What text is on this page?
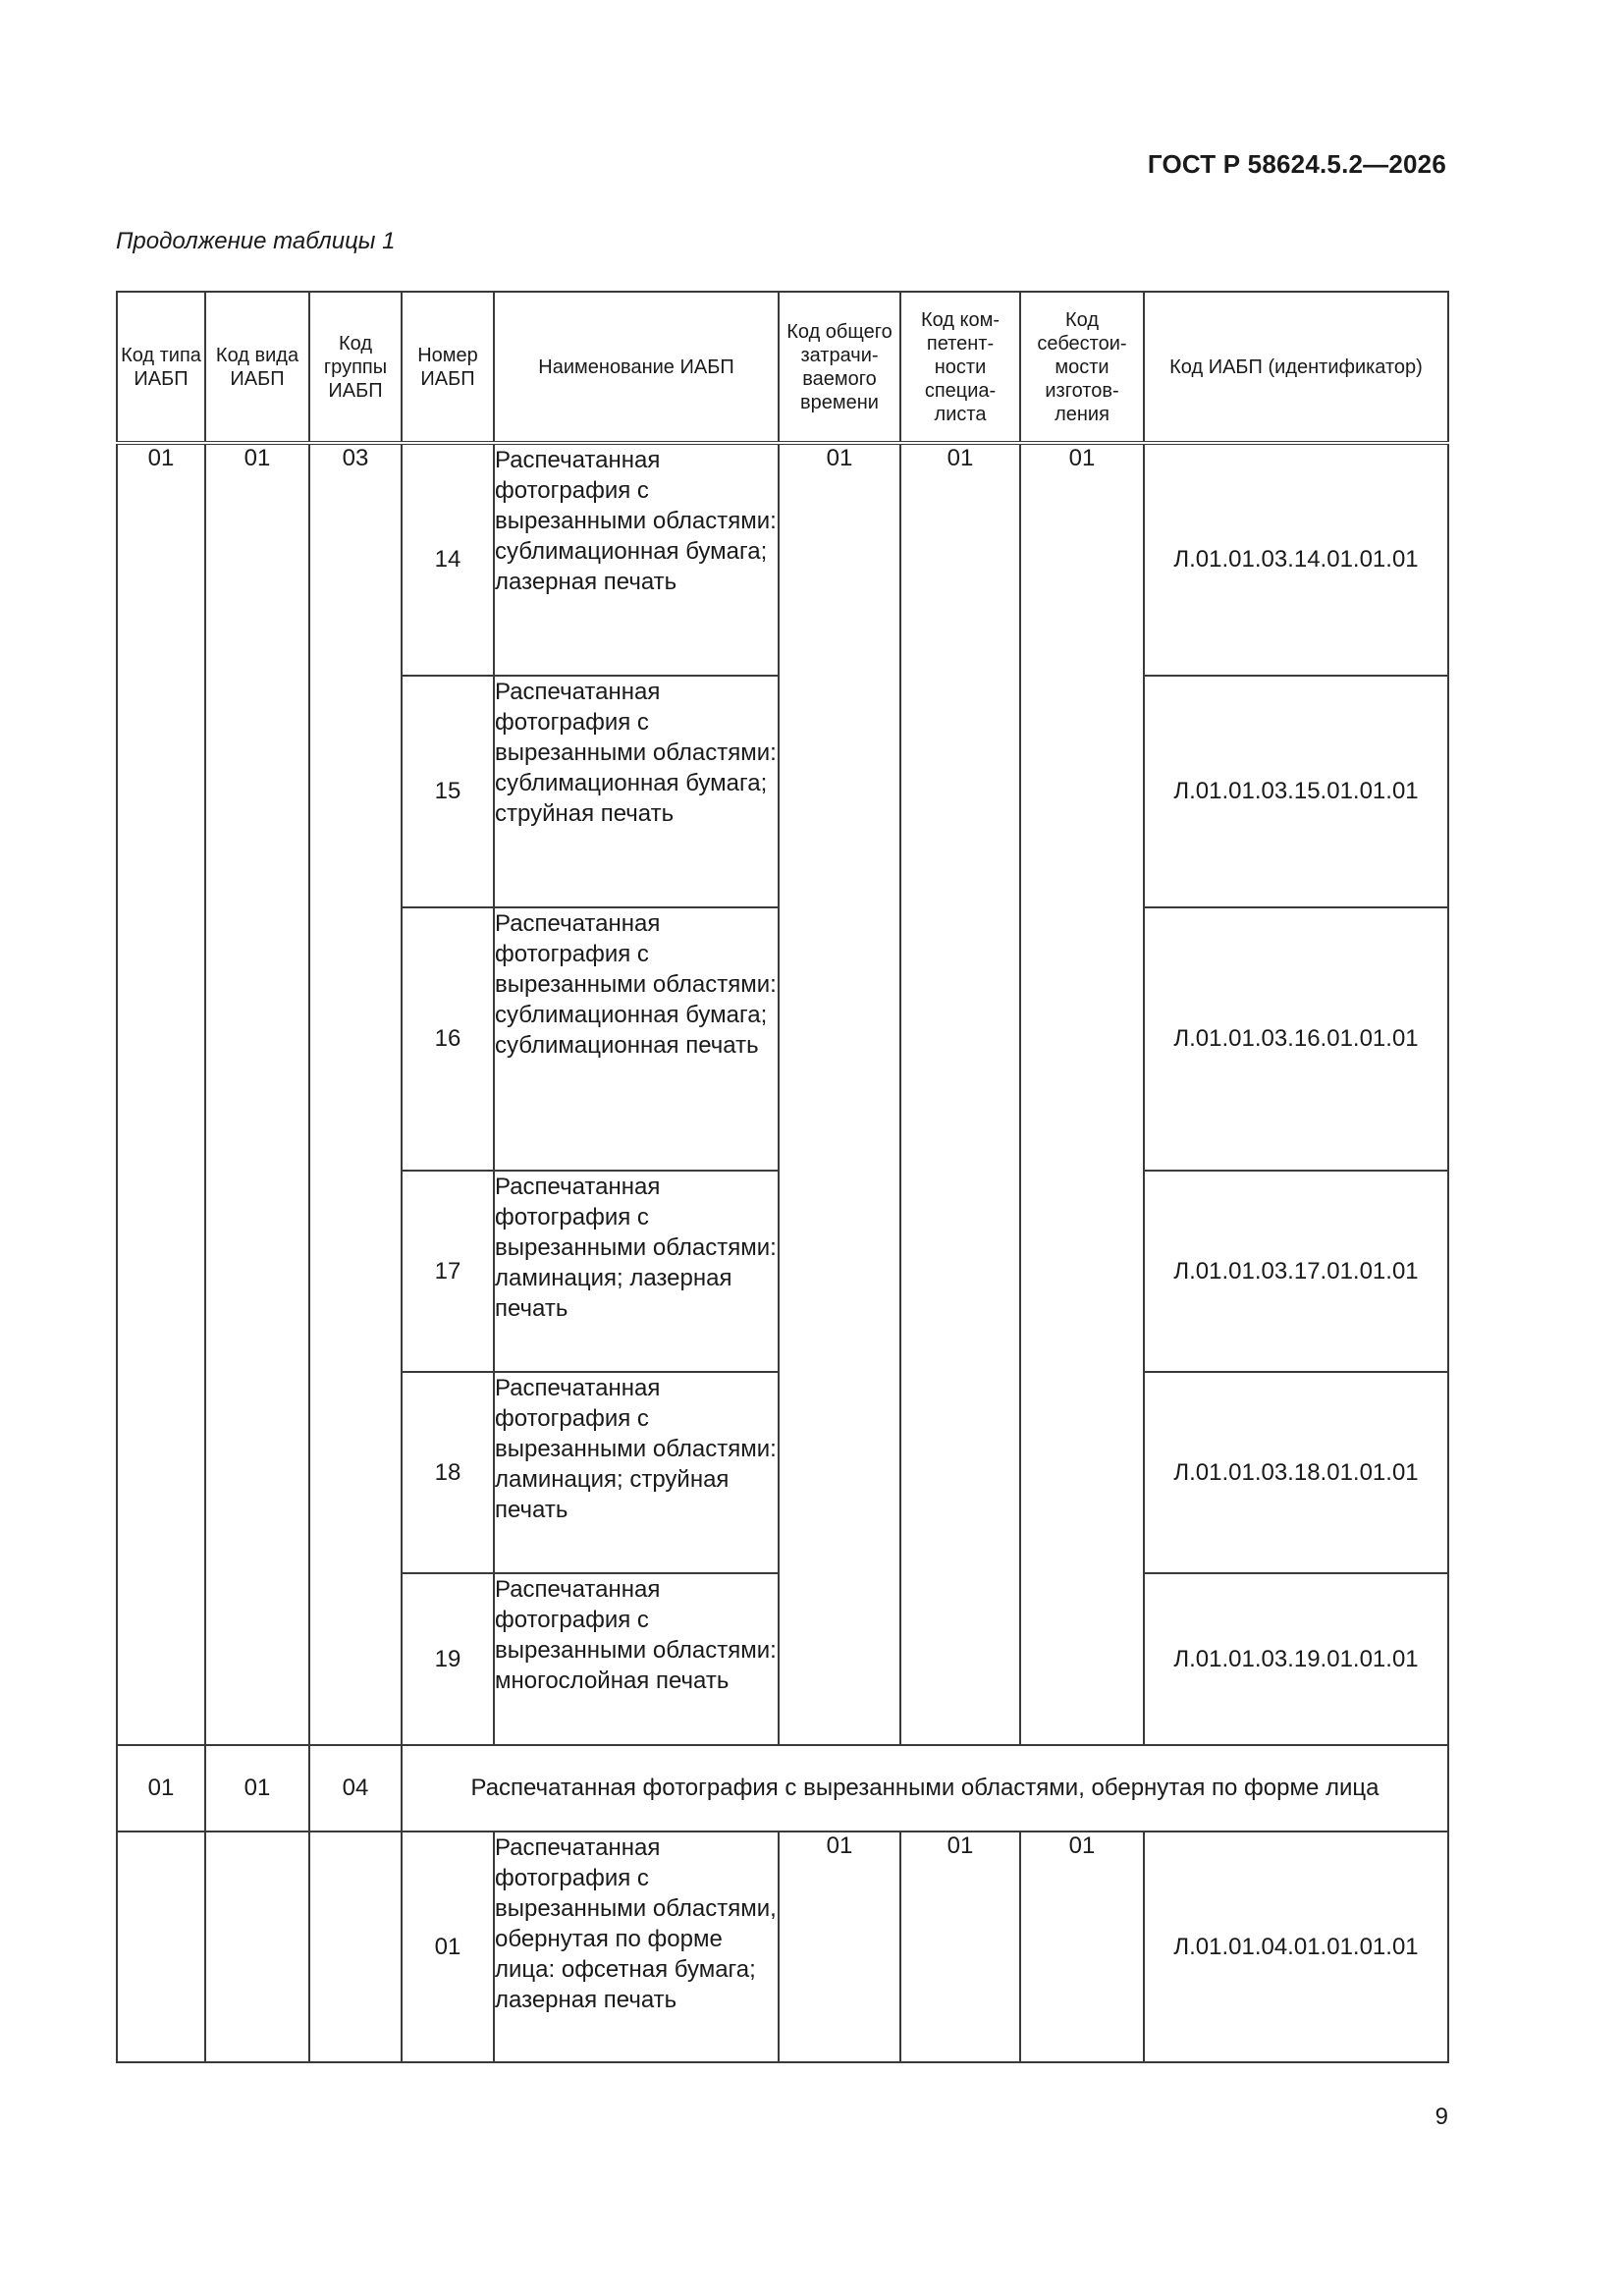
ГОСТ Р 58624.5.2—2026
Продолжение таблицы 1
Код типа ИАБП	Код вида ИАБП	Код группы ИАБП	Номер ИАБП	Наименование ИАБП	Код общего затрачи- ваемого времени	Код ком- петент- ности специа- листа	Код себестои- мости изготов- ления	Код ИАБП (идентификатор)
01	01	03	14	Распечатанная фотография с вырезанными областями: сублимационная бумага; лазерная печать	01	01	01	Л.01.01.03.14.01.01.01
			15	Распечатанная фотография с вырезанными областями: сублимационная бумага; струйная печать				Л.01.01.03.15.01.01.01
			16	Распечатанная фотография с вырезанными областями: сублимационная бумага; сублимационная печать				Л.01.01.03.16.01.01.01
			17	Распечатанная фотография с вырезанными областями: ламинация; лазерная печать				Л.01.01.03.17.01.01.01
			18	Распечатанная фотография с вырезанными областями: ламинация; струйная печать				Л.01.01.03.18.01.01.01
			19	Распечатанная фотография с вырезанными областями: многослойная печать				Л.01.01.03.19.01.01.01
01	01	04	Распечатанная фотография с вырезанными областями, обернутая по форме лица					
			01	Распечатанная фотография с вырезанными областями, обернутая по форме лица: офсетная бумага; лазерная печать	01	01	01	Л.01.01.04.01.01.01.01
9
